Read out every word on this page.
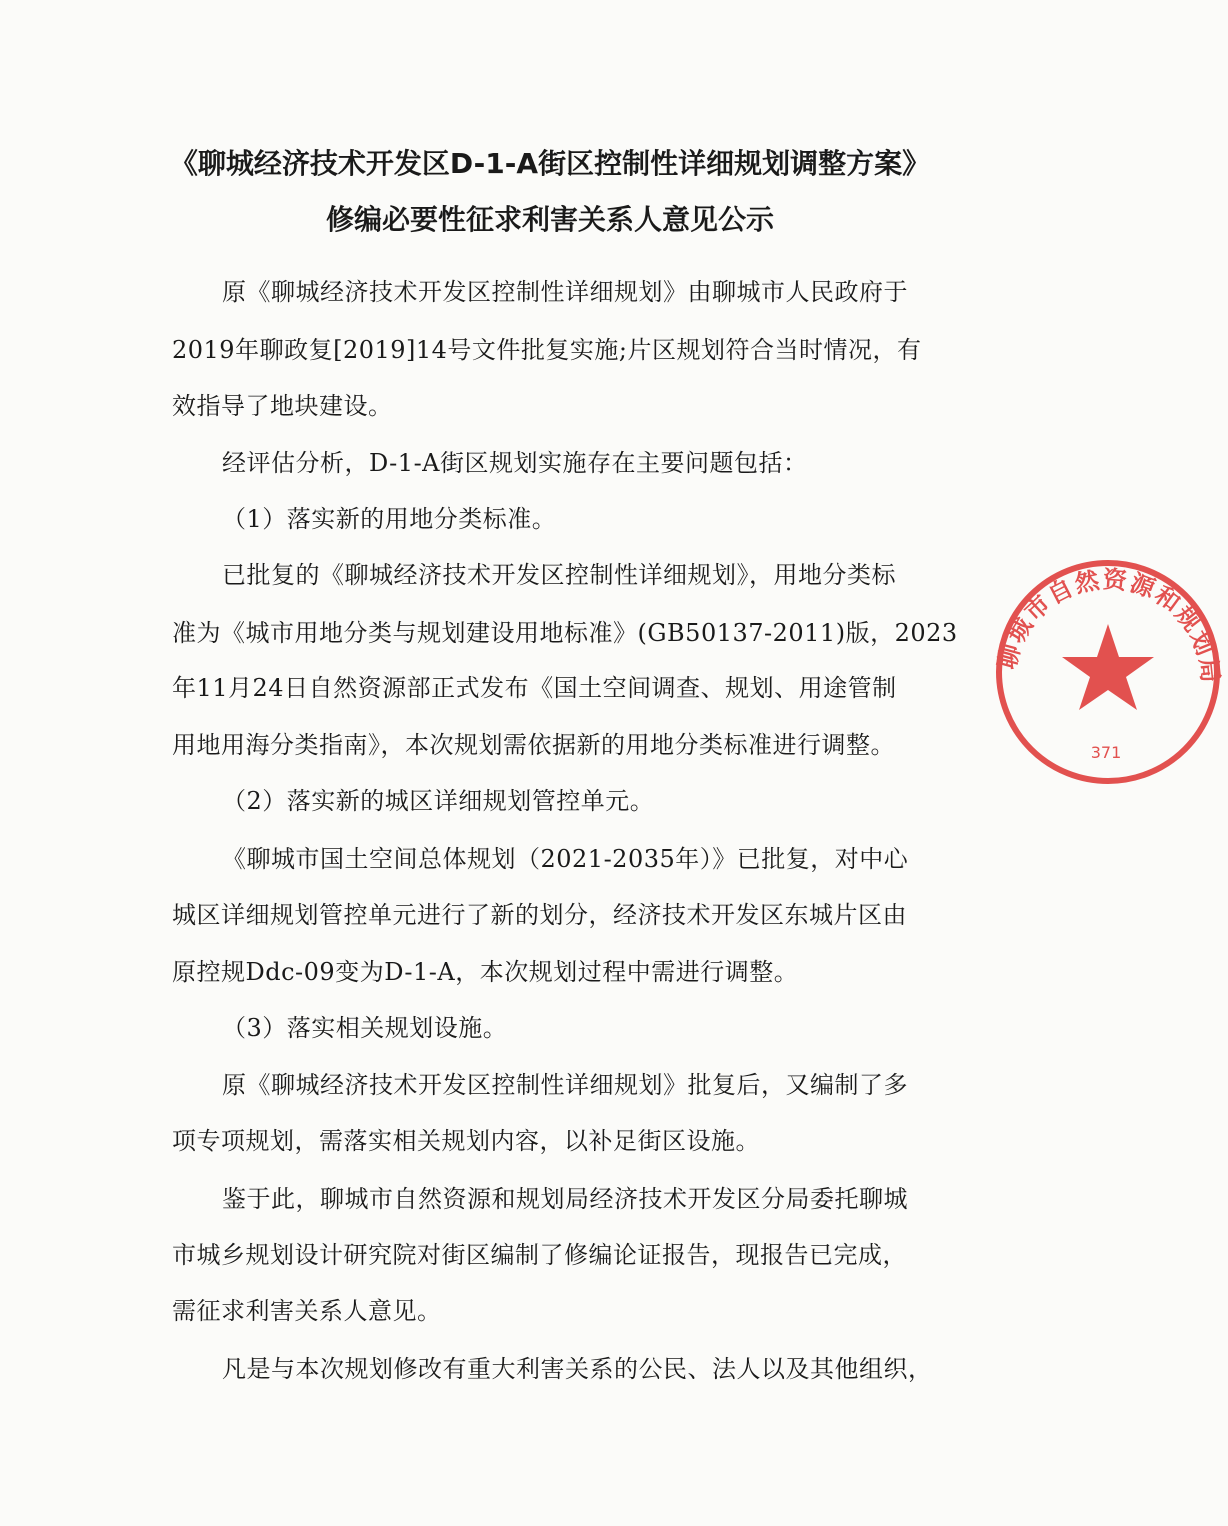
《聊城经济技术开发区D-1-A街区控制性详细规划调整方案》
修编必要性征求利害关系人意见公示
原《聊城经济技术开发区控制性详细规划》由聊城市人民政府于
2019年聊政复[2019]14号文件批复实施;片区规划符合当时情况，有
效指导了地块建设。
经评估分析，D-1-A街区规划实施存在主要问题包括：
（1）落实新的用地分类标准。
已批复的《聊城经济技术开发区控制性详细规划》，用地分类标
准为《城市用地分类与规划建设用地标准》(GB50137-2011)版，2023
年11月24日自然资源部正式发布《国土空间调查、规划、用途管制
用地用海分类指南》，本次规划需依据新的用地分类标准进行调整。
（2）落实新的城区详细规划管控单元。
《聊城市国土空间总体规划（2021-2035年）》已批复，对中心
城区详细规划管控单元进行了新的划分，经济技术开发区东城片区由
原控规Ddc-09变为D-1-A，本次规划过程中需进行调整。
（3）落实相关规划设施。
原《聊城经济技术开发区控制性详细规划》批复后，又编制了多
项专项规划，需落实相关规划内容，以补足街区设施。
鉴于此，聊城市自然资源和规划局经济技术开发区分局委托聊城
市城乡规划设计研究院对街区编制了修编论证报告，现报告已完成，
需征求利害关系人意见。
凡是与本次规划修改有重大利害关系的公民、法人以及其他组织，
聊城市自然资源和规划局
371
